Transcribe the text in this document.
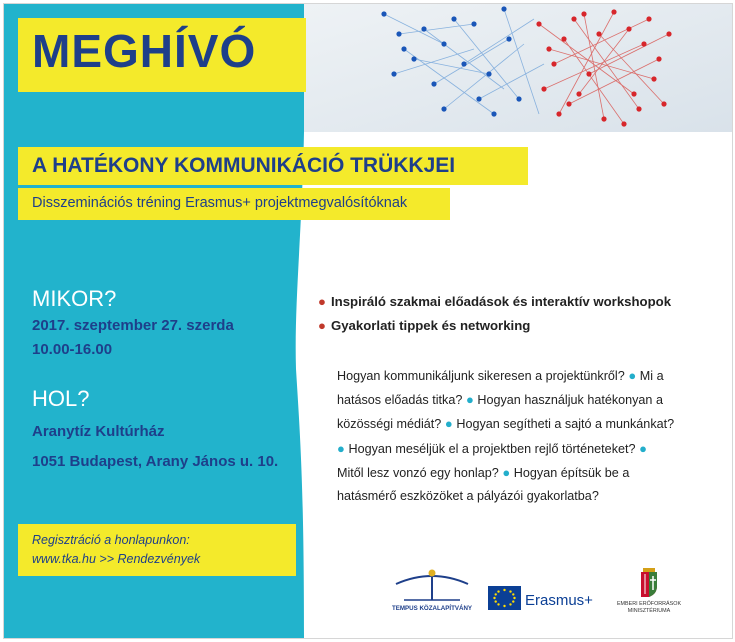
MEGHÍVÓ
A HATÉKONY KOMMUNIKÁCIÓ TRÜKKJEI
Disszeminációs tréning Erasmus+ projektmegvalósítóknak
MIKOR?
2017. szeptember 27. szerda
10.00-16.00
HOL?
Aranytíz Kultúrház
1051 Budapest, Arany János u. 10.
● Inspiráló szakmai előadások és interaktív workshopok
● Gyakorlati tippek és networking
Hogyan kommunikáljunk sikeresen a projektünkről? ● Mi a hatásos előadás titka? ● Hogyan használjuk hatékonyan a közösségi médiát? ● Hogyan segítheti a sajtó a munkánkat? ● Hogyan meséljük el a projektben rejlő történeteket? ● Mitől lesz vonzó egy honlap? ● Hogyan építsük be a hatásmérő eszközöket a pályázói gyakorlatba?
Regisztráció a honlapunkon:
www.tka.hu >> Rendezvények
TEMPUS KÖZALAPÍTVÁNY	Erasmus+	EMBERI ERŐFORRÁSOK
MINISZTÉRIUMA
